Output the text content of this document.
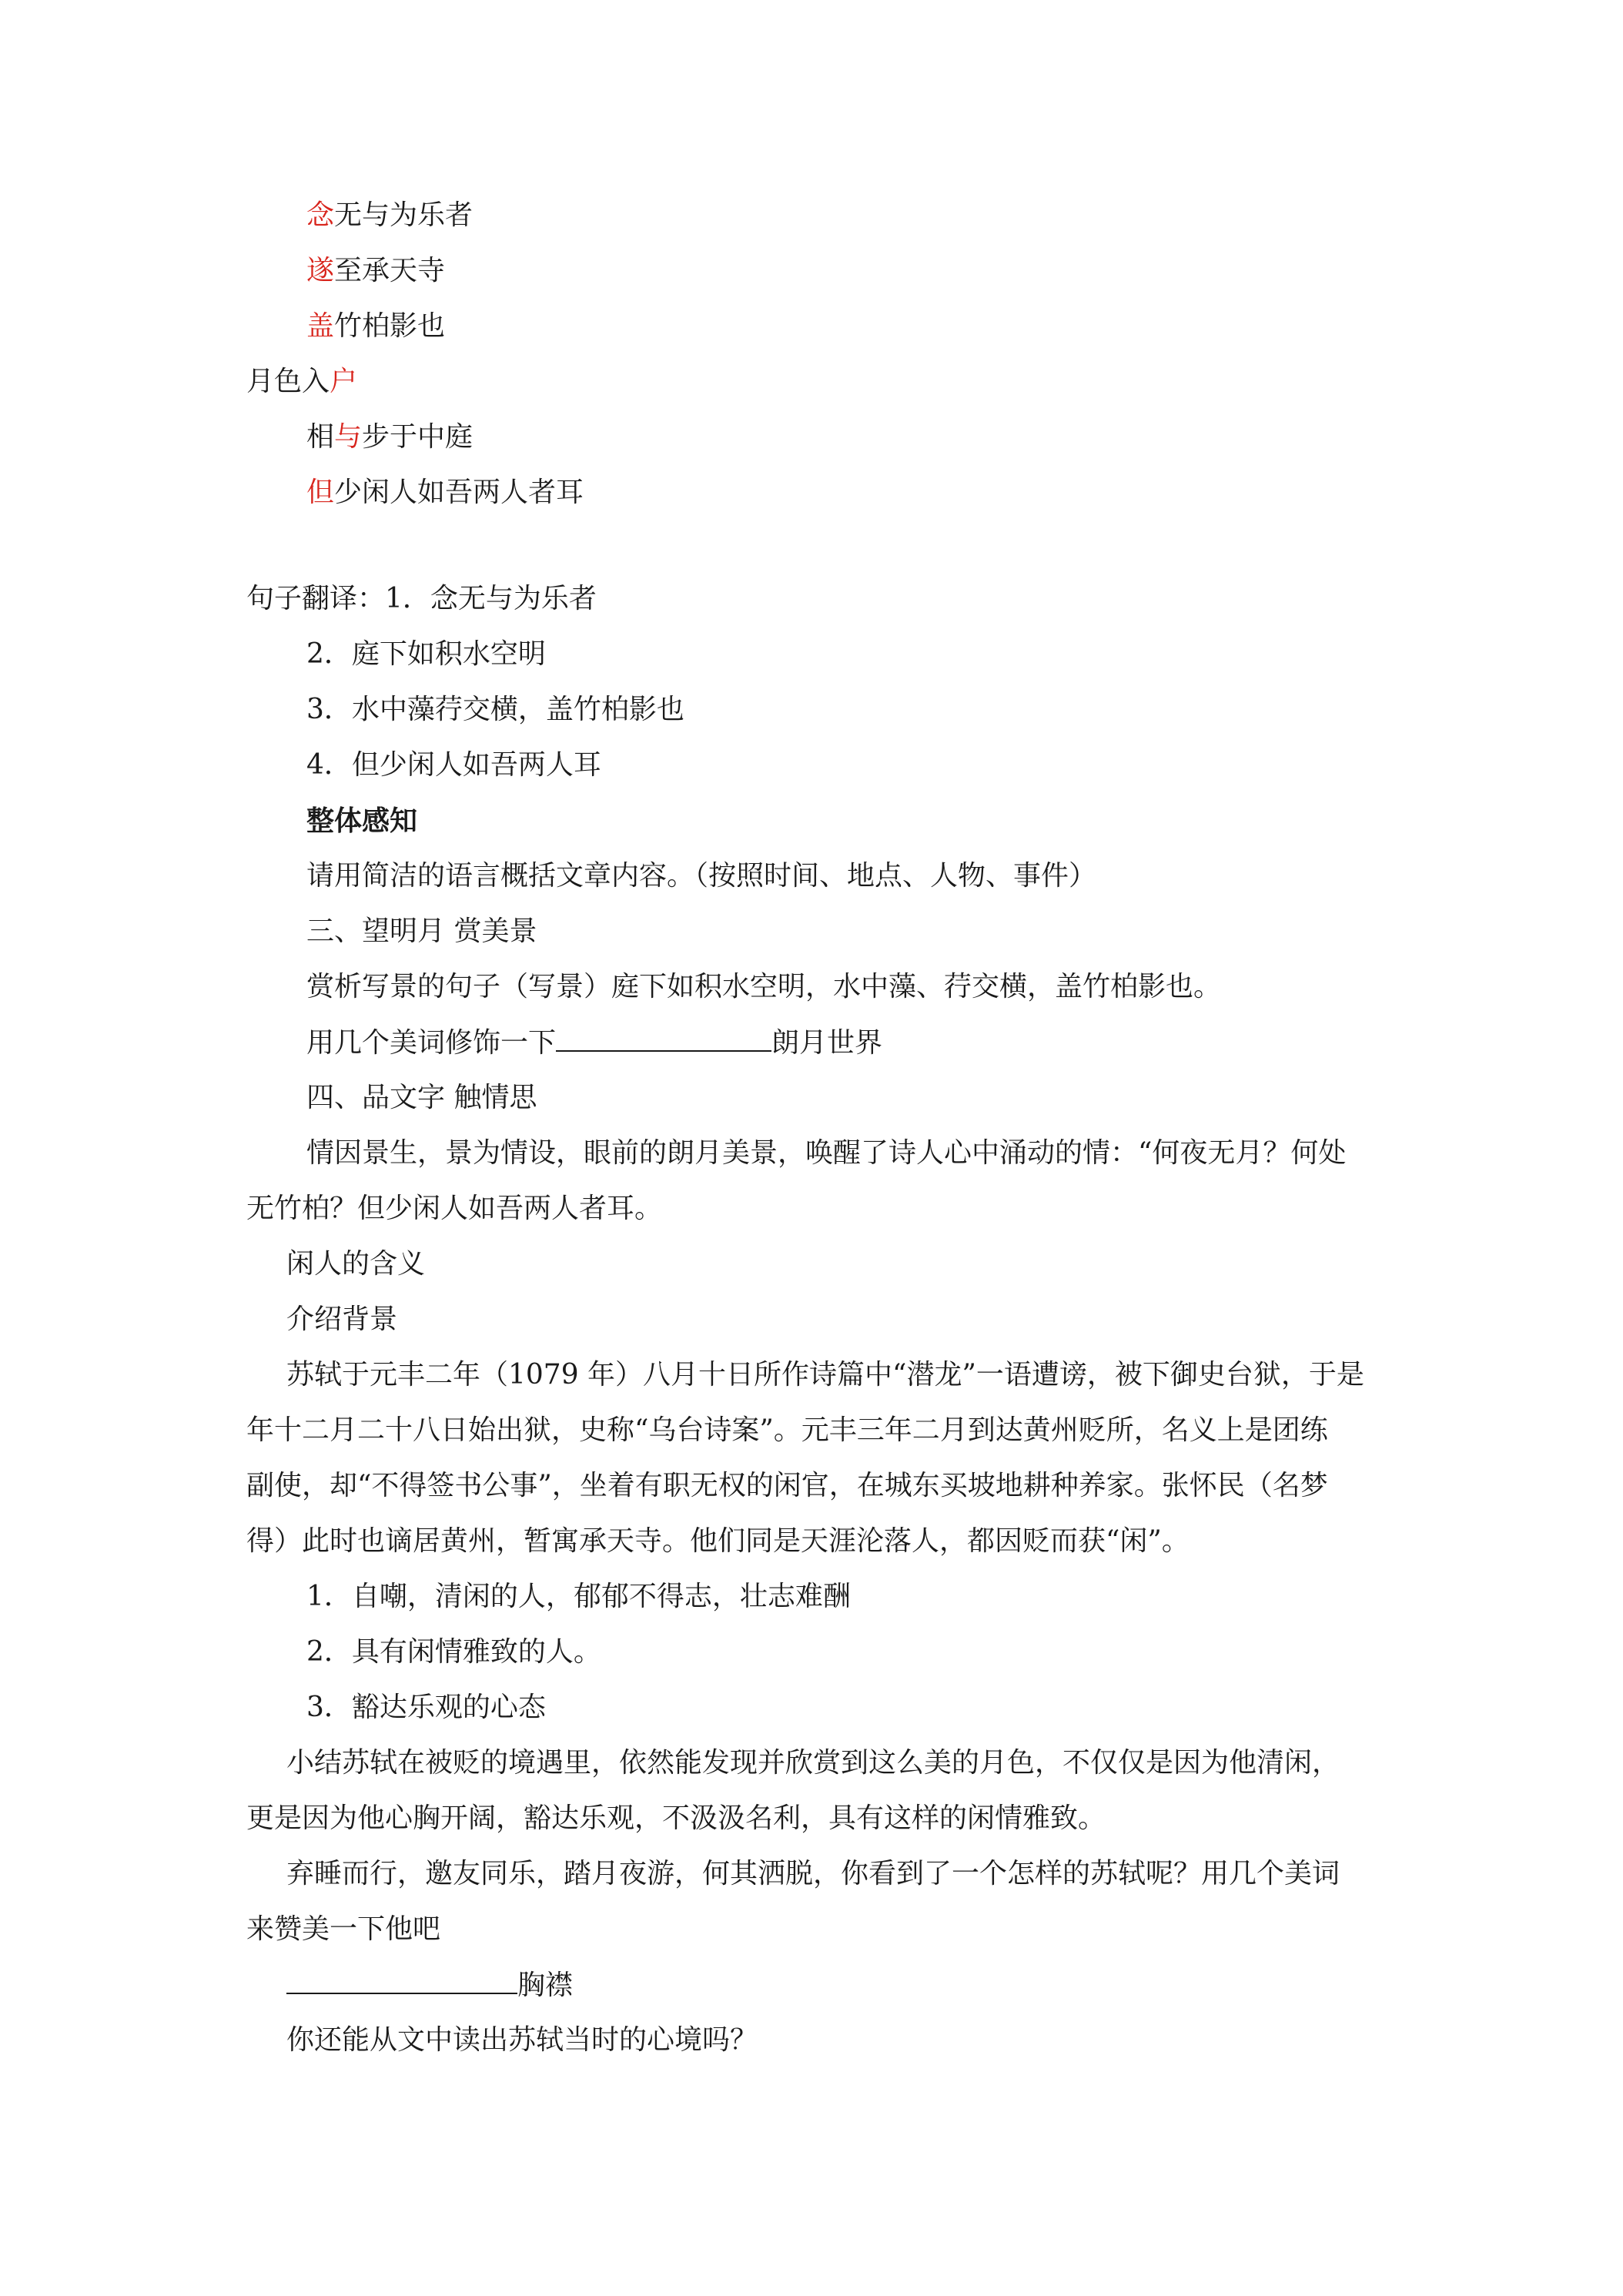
念无与为乐者
遂至承天寺
盖竹柏影也
月色入户
相与步于中庭
但少闲人如吾两人者耳
句子翻译：1．念无与为乐者
2．庭下如积水空明
3．水中藻荇交横，盖竹柏影也
4．但少闲人如吾两人耳
整体感知
请用简洁的语言概括文章内容。（按照时间、地点、人物、事件）
三、望明月 赏美景
赏析写景的句子（写景）庭下如积水空明，水中藻、荇交横，盖竹柏影也。
用几个美词修饰一下	朗月世界
四、品文字 触情思
情因景生，景为情设，眼前的朗月美景，唤醒了诗人心中涌动的情：“何夜无月？何处
无竹柏？但少闲人如吾两人者耳。
闲人的含义
介绍背景
苏轼于元丰二年（1079 年）八月十日所作诗篇中“潜龙”一语遭谤，被下御史台狱，于是
年十二月二十八日始出狱，史称“乌台诗案”。元丰三年二月到达黄州贬所，名义上是团练
副使，却“不得签书公事”，坐着有职无权的闲官，在城东买坡地耕种养家。张怀民（名梦
得）此时也谪居黄州，暂寓承天寺。他们同是天涯沦落人，都因贬而获“闲”。
1．自嘲，清闲的人，郁郁不得志，壮志难酬
2．具有闲情雅致的人。
3．豁达乐观的心态
小结苏轼在被贬的境遇里，依然能发现并欣赏到这么美的月色，不仅仅是因为他清闲，
更是因为他心胸开阔，豁达乐观，不汲汲名利，具有这样的闲情雅致。
弃睡而行，邀友同乐，踏月夜游，何其洒脱，你看到了一个怎样的苏轼呢？用几个美词
来赞美一下他吧
胸襟
你还能从文中读出苏轼当时的心境吗？
